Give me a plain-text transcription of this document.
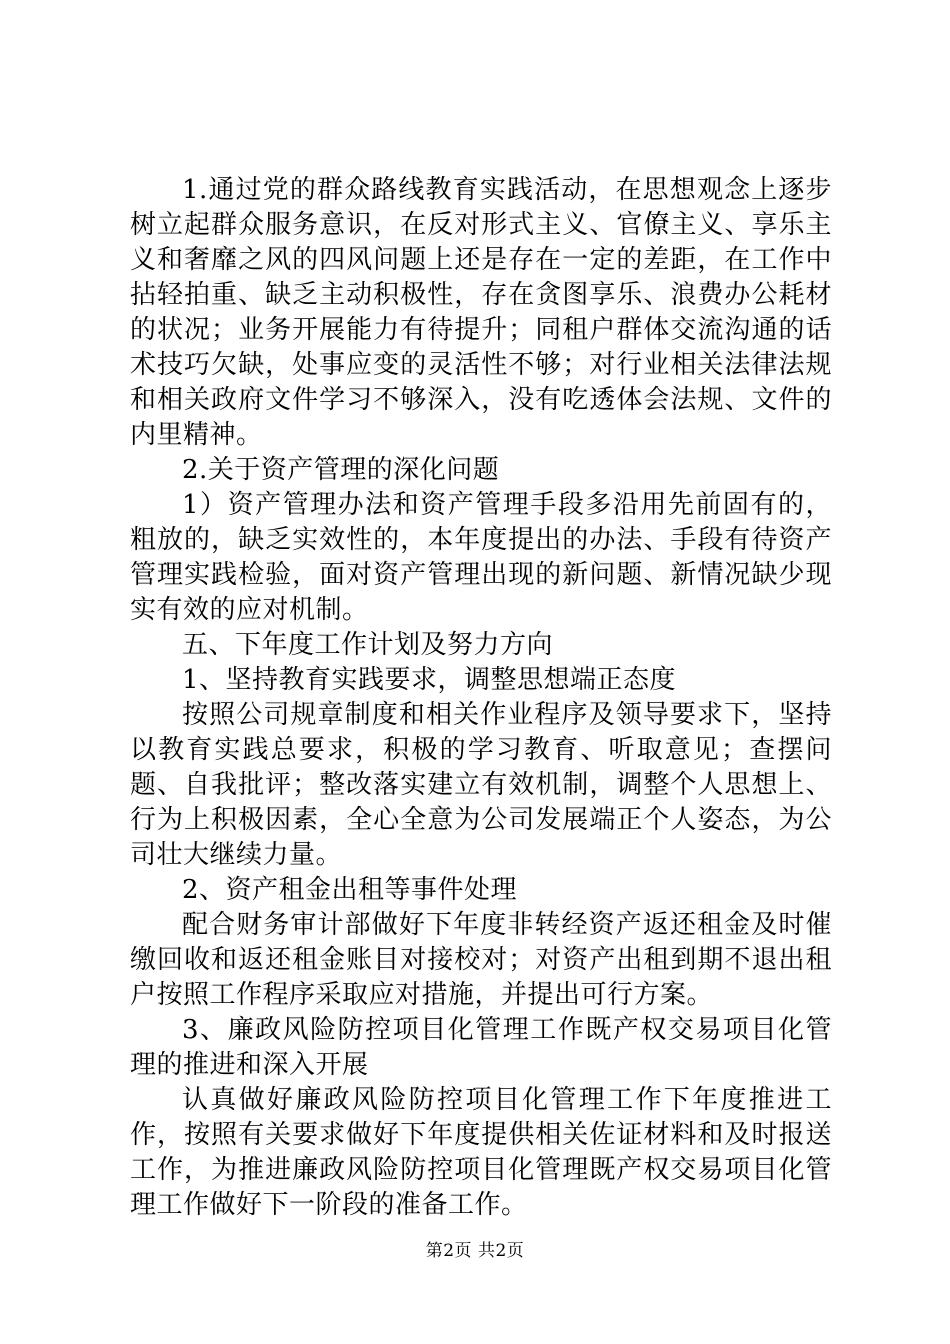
1.通过党的群众路线教育实践活动，在思想观念上逐步树立起群众服务意识，在反对形式主义、官僚主义、享乐主义和奢靡之风的四风问题上还是存在一定的差距，在工作中拈轻拍重、缺乏主动积极性，存在贪图享乐、浪费办公耗材的状况；业务开展能力有待提升；同租户群体交流沟通的话术技巧欠缺，处事应变的灵活性不够；对行业相关法律法规和相关政府文件学习不够深入，没有吃透体会法规、文件的内里精神。

2.关于资产管理的深化问题

1）资产管理办法和资产管理手段多沿用先前固有的，粗放的，缺乏实效性的，本年度提出的办法、手段有待资产管理实践检验，面对资产管理出现的新问题、新情况缺少现实有效的应对机制。

五、下年度工作计划及努力方向

1、坚持教育实践要求，调整思想端正态度

按照公司规章制度和相关作业程序及领导要求下，坚持以教育实践总要求，积极的学习教育、听取意见；查摆问题、自我批评；整改落实建立有效机制，调整个人思想上、行为上积极因素，全心全意为公司发展端正个人姿态，为公司壮大继续力量。

2、资产租金出租等事件处理

配合财务审计部做好下年度非转经资产返还租金及时催缴回收和返还租金账目对接校对；对资产出租到期不退出租户按照工作程序采取应对措施，并提出可行方案。

3、廉政风险防控项目化管理工作既产权交易项目化管理的推进和深入开展

认真做好廉政风险防控项目化管理工作下年度推进工作，按照有关要求做好下年度提供相关佐证材料和及时报送工作，为推进廉政风险防控项目化管理既产权交易项目化管理工作做好下一阶段的准备工作。

第2页 共2页
